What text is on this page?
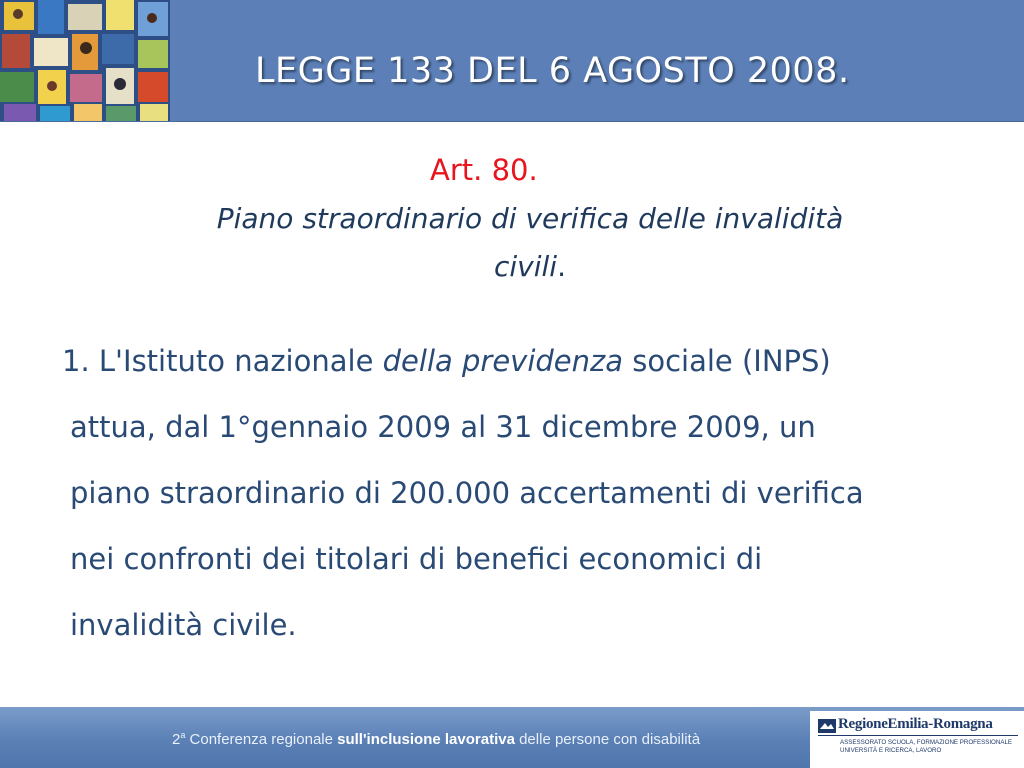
LEGGE 133 DEL 6 AGOSTO 2008.
Art. 80.
Piano straordinario di verifica delle invalidità
civili.
1. L'Istituto nazionale della previdenza sociale (INPS)
attua, dal 1°gennaio 2009 al 31 dicembre 2009, un
piano straordinario di 200.000 accertamenti di verifica
nei confronti dei titolari di benefici economici di
invalidità civile.
2$^a$ Conferenza regionale sull'inclusione lavorativa delle persone con disabilità
RegioneEmilia-Romagna
ASSESSORATO SCUOLA, FORMAZIONE PROFESSIONALE UNIVERSITÀ E RICERCA, LAVORO
